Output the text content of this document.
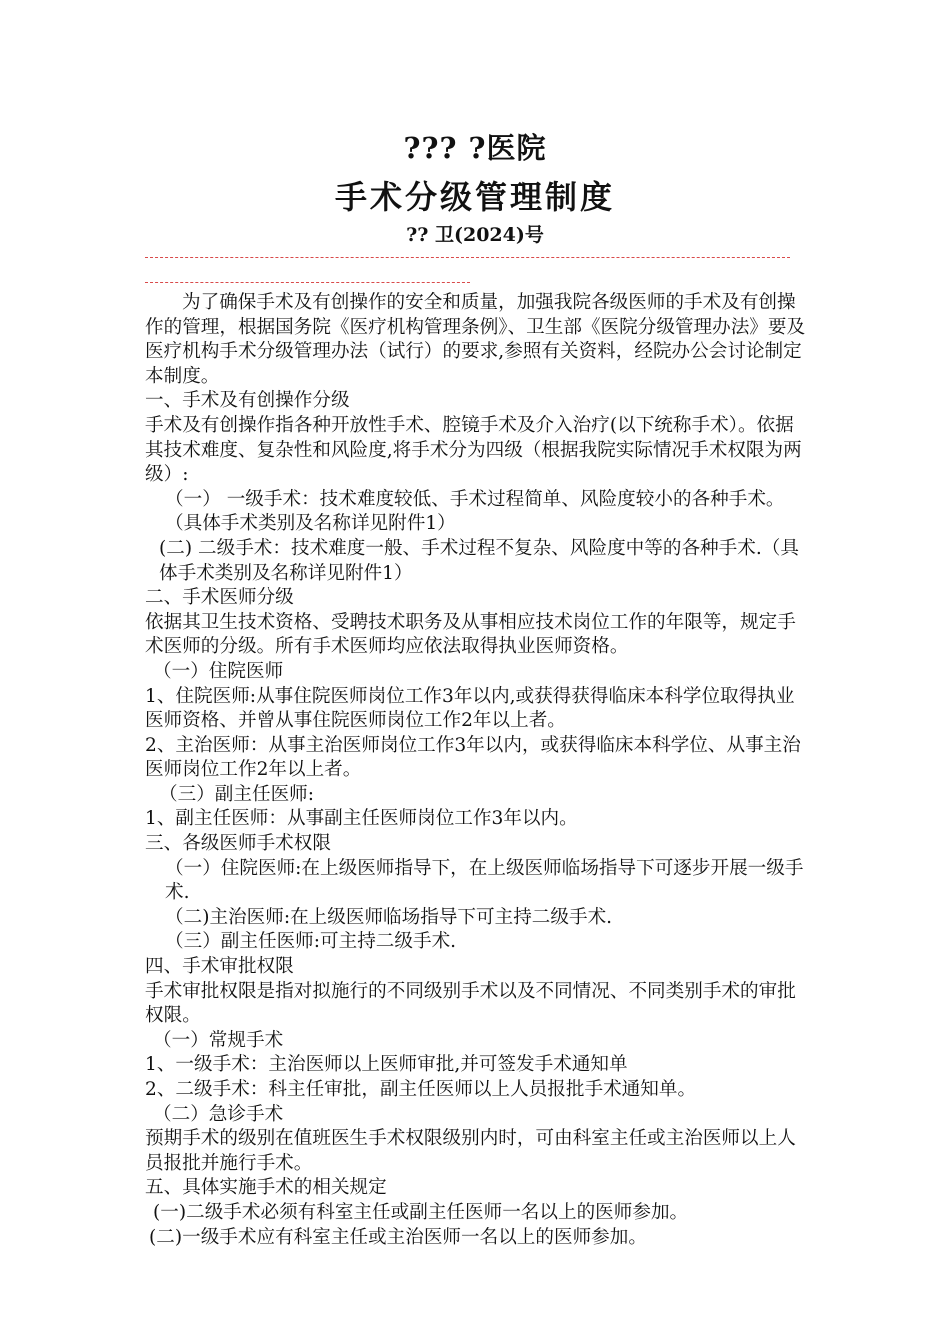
??? ?医院
手术分级管理制度
?? 卫(2024)号

为了确保手术及有创操作的安全和质量，加强我院各级医师的手术及有创操作的管理，根据国务院《医疗机构管理条例》、卫生部《医院分级管理办法》要及医疗机构手术分级管理办法（试行）的要求,参照有关资料，经院办公会讨论制定本制度。

一、手术及有创操作分级

手术及有创操作指各种开放性手术、腔镜手术及介入治疗(以下统称手术）。依据其技术难度、复杂性和风险度,将手术分为四级（根据我院实际情况手术权限为两级）:

（一） 一级手术：技术难度较低、手术过程简单、风险度较小的各种手术。（具体手术类别及名称详见附件1）

(二) 二级手术：技术难度一般、手术过程不复杂、风险度中等的各种手术.（具体手术类别及名称详见附件1）

二、手术医师分级

依据其卫生技术资格、受聘技术职务及从事相应技术岗位工作的年限等，规定手术医师的分级。所有手术医师均应依法取得执业医师资格。

（一）住院医师

1、住院医师:从事住院医师岗位工作3年以内,或获得获得临床本科学位取得执业医师资格、并曾从事住院医师岗位工作2年以上者。

2、主治医师：从事主治医师岗位工作3年以内，或获得临床本科学位、从事主治医师岗位工作2年以上者。

（三）副主任医师:

1、副主任医师：从事副主任医师岗位工作3年以内。

三、各级医师手术权限

（一）住院医师:在上级医师指导下，在上级医师临场指导下可逐步开展一级手术.

（二)主治医师:在上级医师临场指导下可主持二级手术.

（三）副主任医师:可主持二级手术.

四、手术审批权限

手术审批权限是指对拟施行的不同级别手术以及不同情况、不同类别手术的审批权限。

（一）常规手术

1、一级手术：主治医师以上医师审批,并可签发手术通知单

2、二级手术：科主任审批，副主任医师以上人员报批手术通知单。

（二）急诊手术

预期手术的级别在值班医生手术权限级别内时，可由科室主任或主治医师以上人员报批并施行手术。

五、具体实施手术的相关规定

(一)二级手术必须有科室主任或副主任医师一名以上的医师参加。

(二)一级手术应有科室主任或主治医师一名以上的医师参加。
